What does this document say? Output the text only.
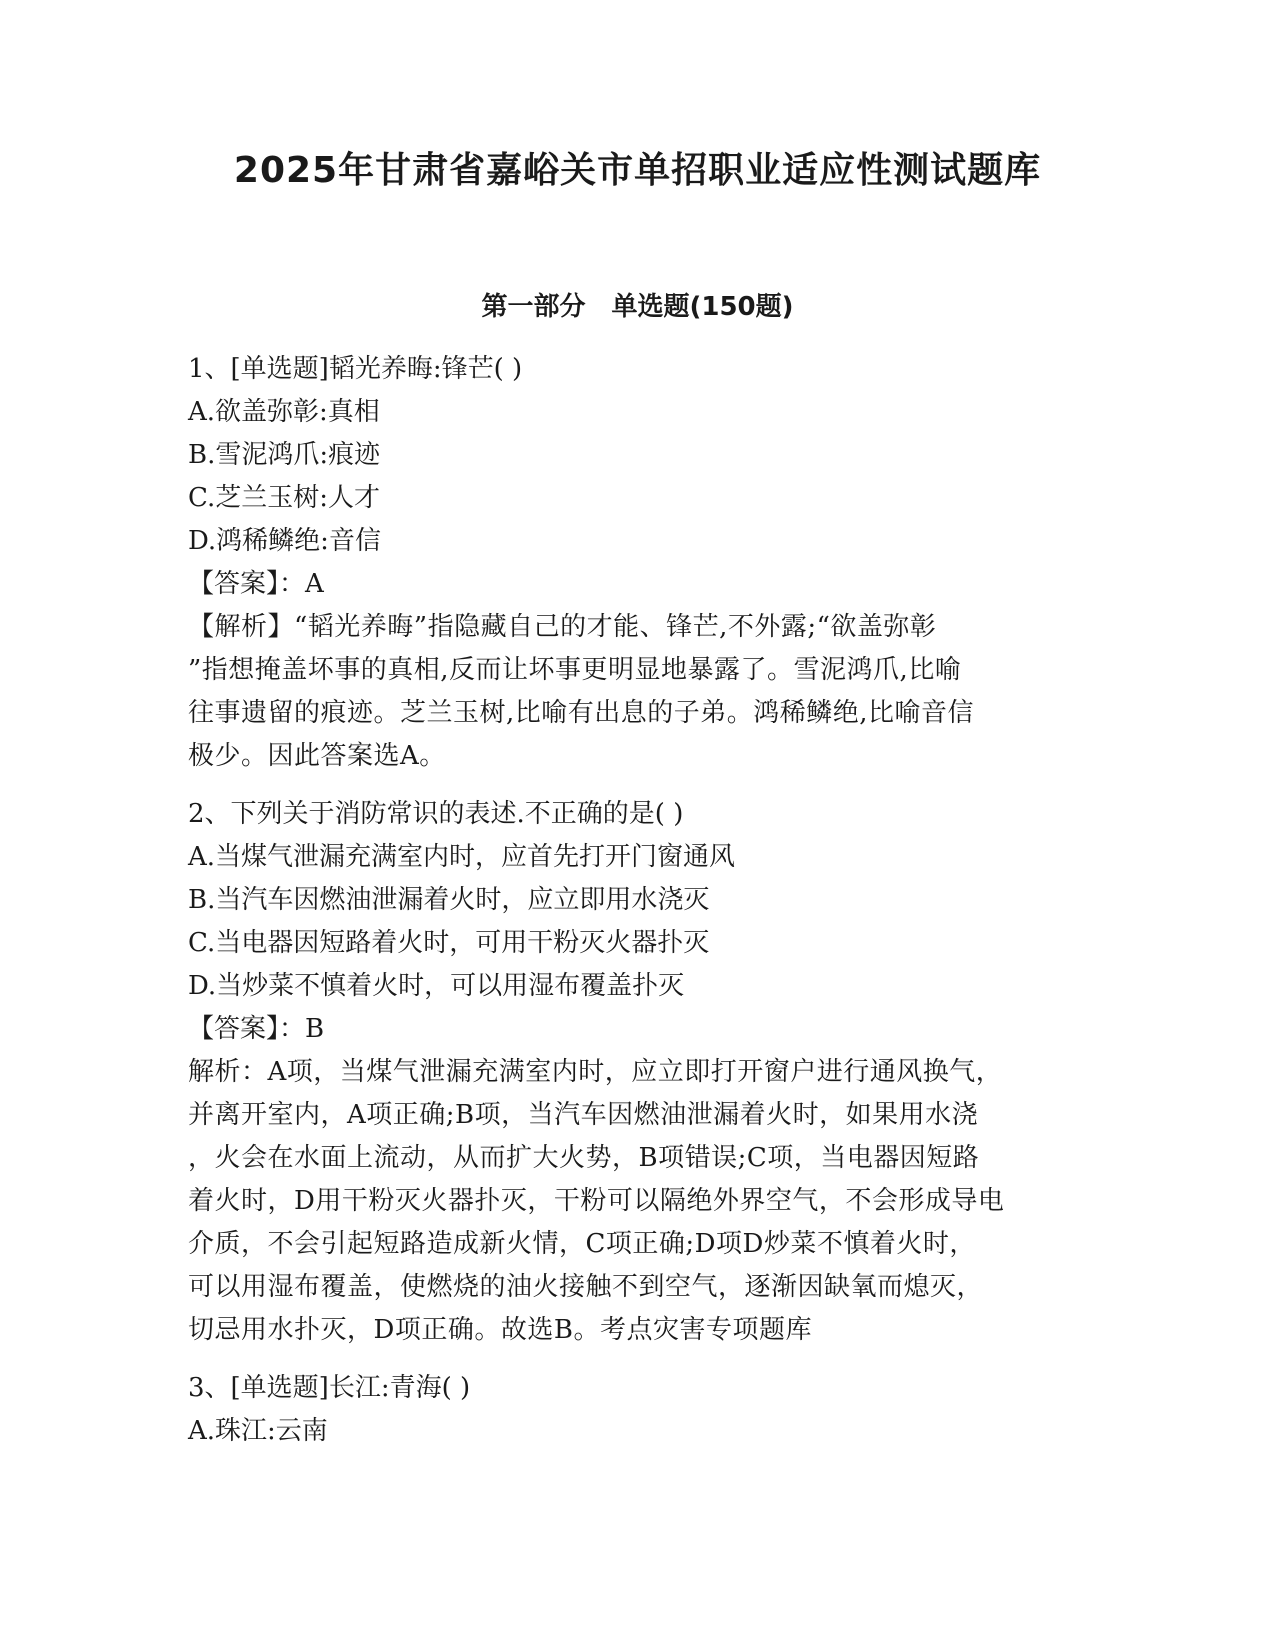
2025年甘肃省嘉峪关市单招职业适应性测试题库
第一部分　单选题(150题)
1、[单选题]韬光养晦:锋芒( )
A.欲盖弥彰:真相
B.雪泥鸿爪:痕迹
C.芝兰玉树:人才
D.鸿稀鳞绝:音信
【答案】：A
【解析】“韬光养晦”指隐藏自己的才能、锋芒,不外露;“欲盖弥彰
”指想掩盖坏事的真相,反而让坏事更明显地暴露了。雪泥鸿爪,比喻
往事遗留的痕迹。芝兰玉树,比喻有出息的子弟。鸿稀鳞绝,比喻音信
极少。因此答案选A。
2、下列关于消防常识的表述.不正确的是( )
A.当煤气泄漏充满室内时，应首先打开门窗通风
B.当汽车因燃油泄漏着火时，应立即用水浇灭
C.当电器因短路着火时，可用干粉灭火器扑灭
D.当炒菜不慎着火时，可以用湿布覆盖扑灭
【答案】：B
解析：A项，当煤气泄漏充满室内时，应立即打开窗户进行通风换气，
并离开室内，A项正确;B项，当汽车因燃油泄漏着火时，如果用水浇
，火会在水面上流动，从而扩大火势，B项错误;C项，当电器因短路
着火时，D用干粉灭火器扑灭，干粉可以隔绝外界空气，不会形成导电
介质，不会引起短路造成新火情，C项正确;D项D炒菜不慎着火时，
可以用湿布覆盖，使燃烧的油火接触不到空气，逐渐因缺氧而熄灭，
切忌用水扑灭，D项正确。故选B。考点灾害专项题库
3、[单选题]长江:青海( )
A.珠江:云南
